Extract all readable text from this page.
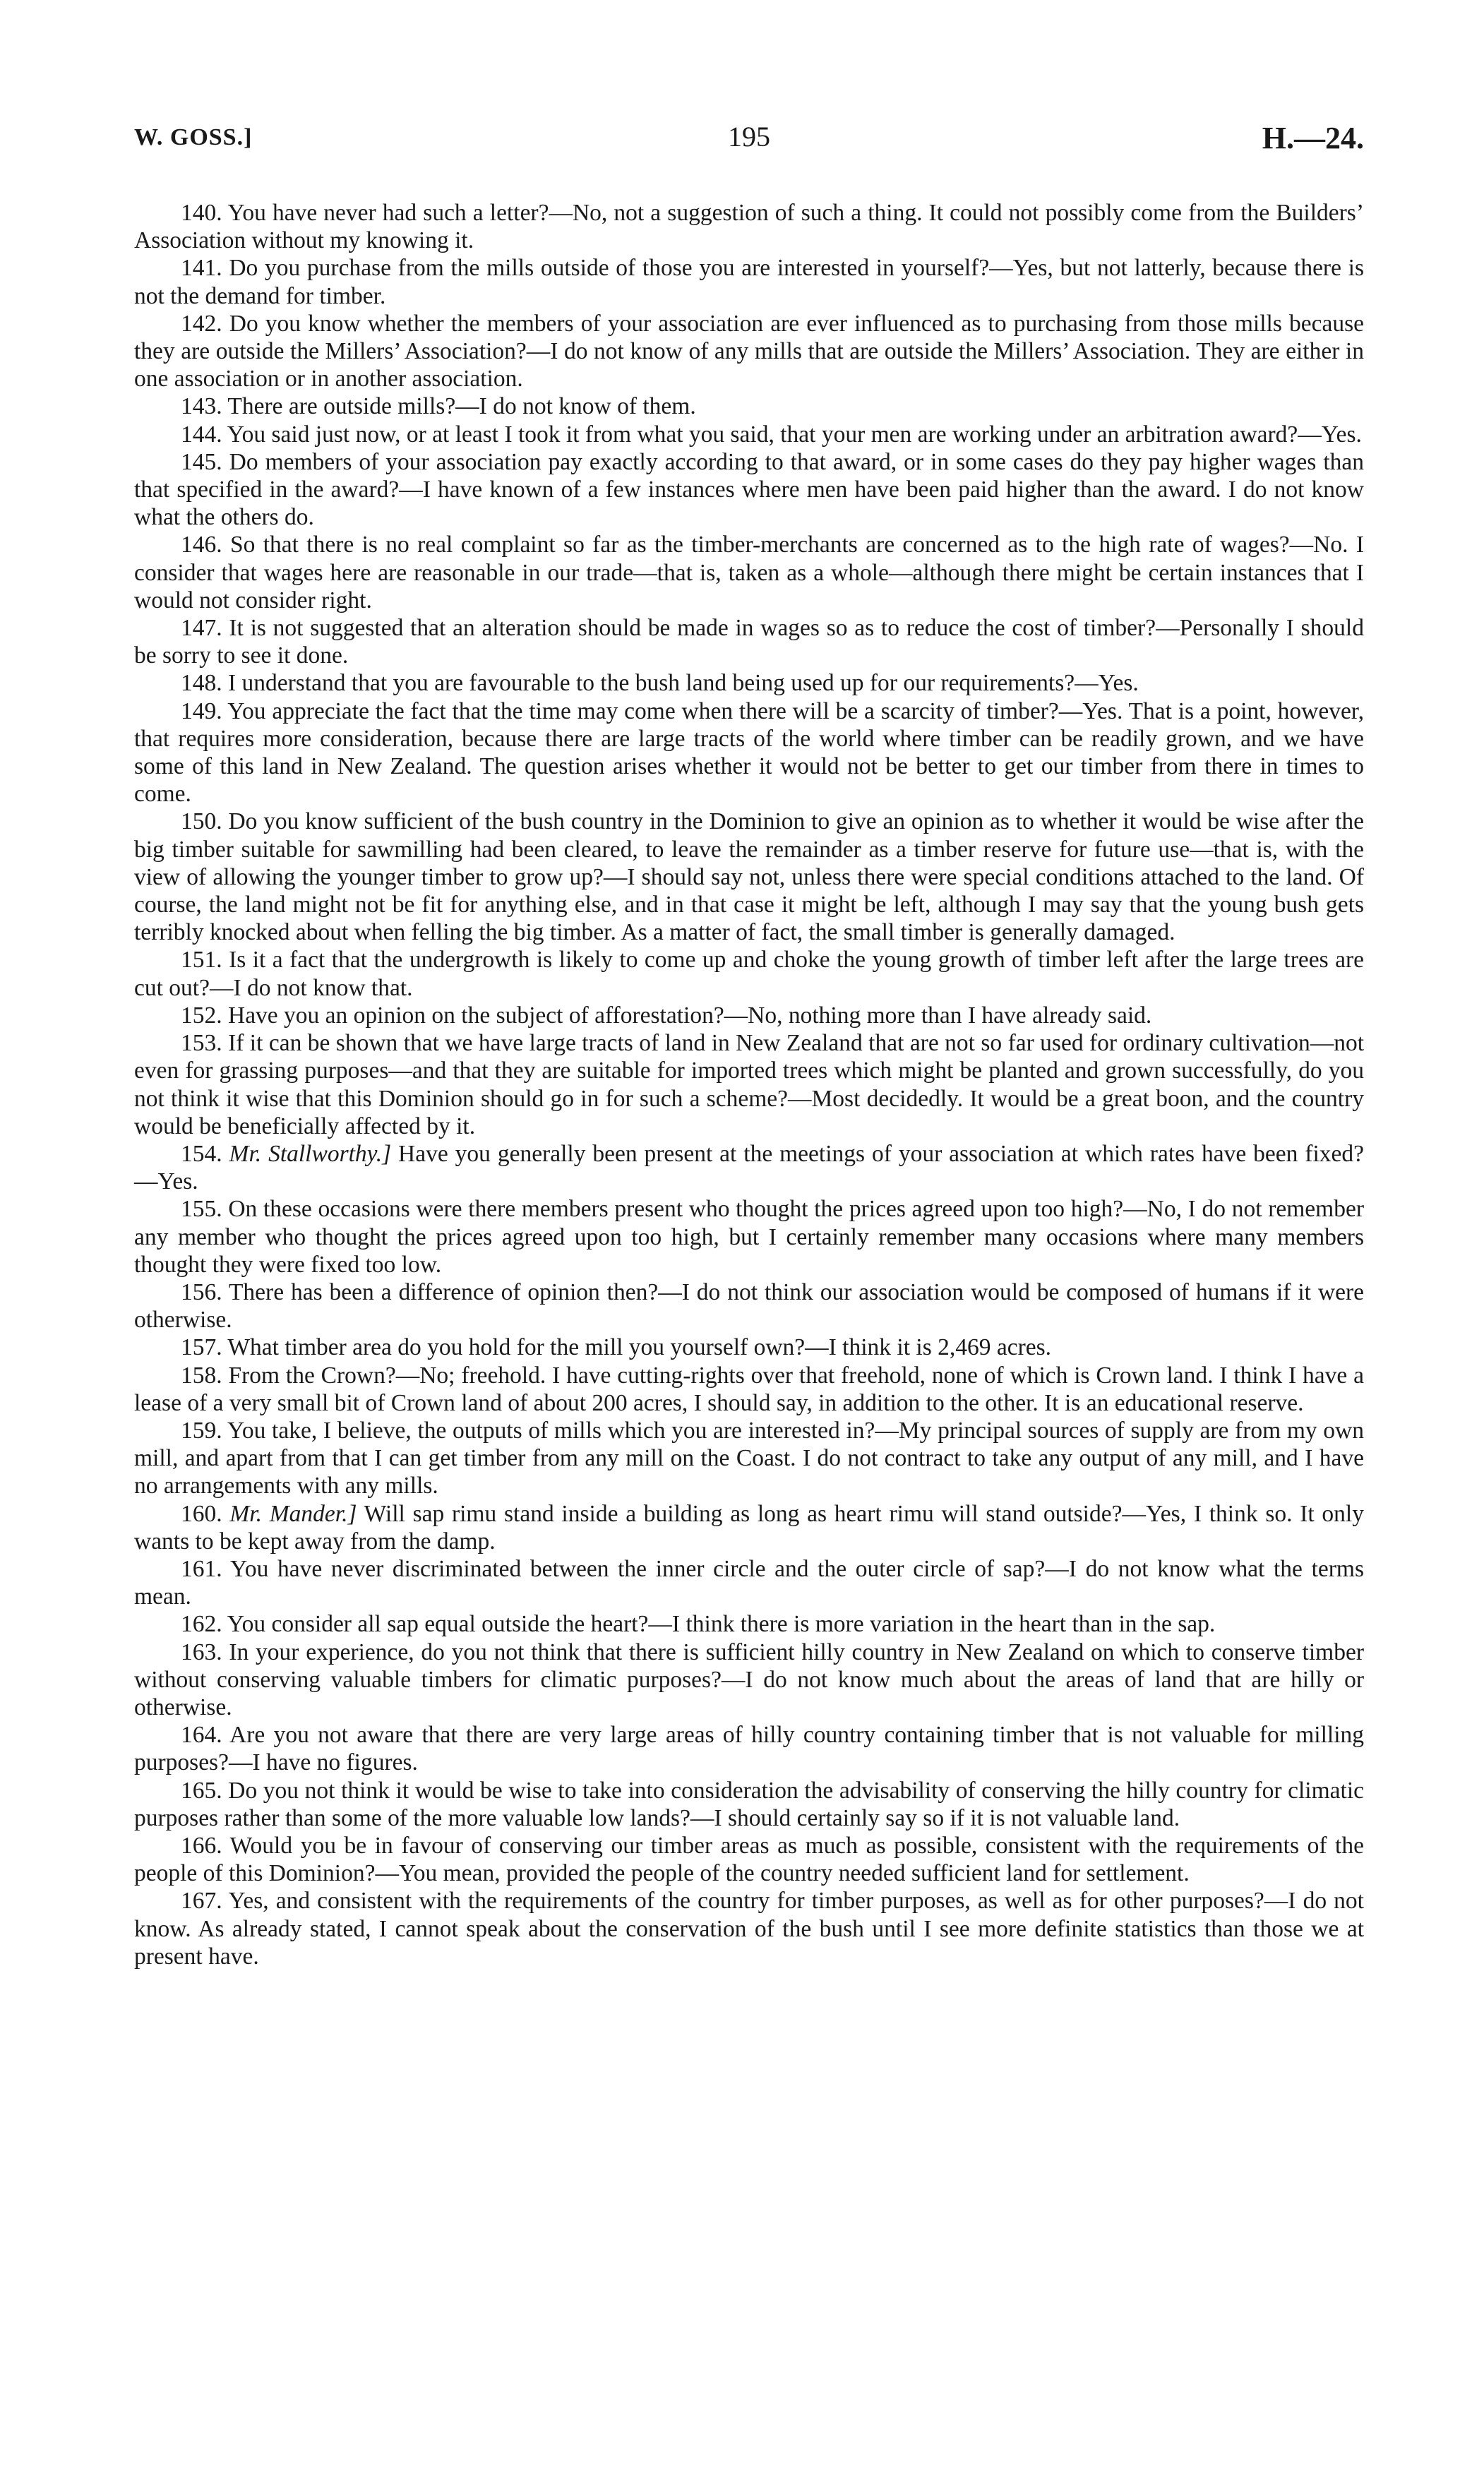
W. GOSS.]	195	H.—24.

140. You have never had such a letter?—No, not a suggestion of such a thing. It could not possibly come from the Builders’ Association without my knowing it.

141. Do you purchase from the mills outside of those you are interested in yourself?—Yes, but not latterly, because there is not the demand for timber.

142. Do you know whether the members of your association are ever influenced as to purchasing from those mills because they are outside the Millers’ Association?—I do not know of any mills that are outside the Millers’ Association. They are either in one association or in another association.

143. There are outside mills?—I do not know of them.

144. You said just now, or at least I took it from what you said, that your men are working under an arbitration award?—Yes.

145. Do members of your association pay exactly according to that award, or in some cases do they pay higher wages than that specified in the award?—I have known of a few instances where men have been paid higher than the award. I do not know what the others do.

146. So that there is no real complaint so far as the timber-merchants are concerned as to the high rate of wages?—No. I consider that wages here are reasonable in our trade—that is, taken as a whole—although there might be certain instances that I would not consider right.

147. It is not suggested that an alteration should be made in wages so as to reduce the cost of timber?—Personally I should be sorry to see it done.

148. I understand that you are favourable to the bush land being used up for our requirements?—Yes.

149. You appreciate the fact that the time may come when there will be a scarcity of timber?—Yes. That is a point, however, that requires more consideration, because there are large tracts of the world where timber can be readily grown, and we have some of this land in New Zealand. The question arises whether it would not be better to get our timber from there in times to come.

150. Do you know sufficient of the bush country in the Dominion to give an opinion as to whether it would be wise after the big timber suitable for sawmilling had been cleared, to leave the remainder as a timber reserve for future use—that is, with the view of allowing the younger timber to grow up?—I should say not, unless there were special conditions attached to the land. Of course, the land might not be fit for anything else, and in that case it might be left, although I may say that the young bush gets terribly knocked about when felling the big timber. As a matter of fact, the small timber is generally damaged.

151. Is it a fact that the undergrowth is likely to come up and choke the young growth of timber left after the large trees are cut out?—I do not know that.

152. Have you an opinion on the subject of afforestation?—No, nothing more than I have already said.

153. If it can be shown that we have large tracts of land in New Zealand that are not so far used for ordinary cultivation—not even for grassing purposes—and that they are suitable for imported trees which might be planted and grown successfully, do you not think it wise that this Dominion should go in for such a scheme?—Most decidedly. It would be a great boon, and the country would be beneficially affected by it.

154. Mr. Stallworthy.] Have you generally been present at the meetings of your association at which rates have been fixed?—Yes.

155. On these occasions were there members present who thought the prices agreed upon too high?—No, I do not remember any member who thought the prices agreed upon too high, but I certainly remember many occasions where many members thought they were fixed too low.

156. There has been a difference of opinion then?—I do not think our association would be composed of humans if it were otherwise.

157. What timber area do you hold for the mill you yourself own?—I think it is 2,469 acres.

158. From the Crown?—No; freehold. I have cutting-rights over that freehold, none of which is Crown land. I think I have a lease of a very small bit of Crown land of about 200 acres, I should say, in addition to the other. It is an educational reserve.

159. You take, I believe, the outputs of mills which you are interested in?—My principal sources of supply are from my own mill, and apart from that I can get timber from any mill on the Coast. I do not contract to take any output of any mill, and I have no arrangements with any mills.

160. Mr. Mander.] Will sap rimu stand inside a building as long as heart rimu will stand outside?—Yes, I think so. It only wants to be kept away from the damp.

161. You have never discriminated between the inner circle and the outer circle of sap?—I do not know what the terms mean.

162. You consider all sap equal outside the heart?—I think there is more variation in the heart than in the sap.

163. In your experience, do you not think that there is sufficient hilly country in New Zealand on which to conserve timber without conserving valuable timbers for climatic purposes?—I do not know much about the areas of land that are hilly or otherwise.

164. Are you not aware that there are very large areas of hilly country containing timber that is not valuable for milling purposes?—I have no figures.

165. Do you not think it would be wise to take into consideration the advisability of conserving the hilly country for climatic purposes rather than some of the more valuable low lands?—I should certainly say so if it is not valuable land.

166. Would you be in favour of conserving our timber areas as much as possible, consistent with the requirements of the people of this Dominion?—You mean, provided the people of the country needed sufficient land for settlement.

167. Yes, and consistent with the requirements of the country for timber purposes, as well as for other purposes?—I do not know. As already stated, I cannot speak about the conservation of the bush until I see more definite statistics than those we at present have.
